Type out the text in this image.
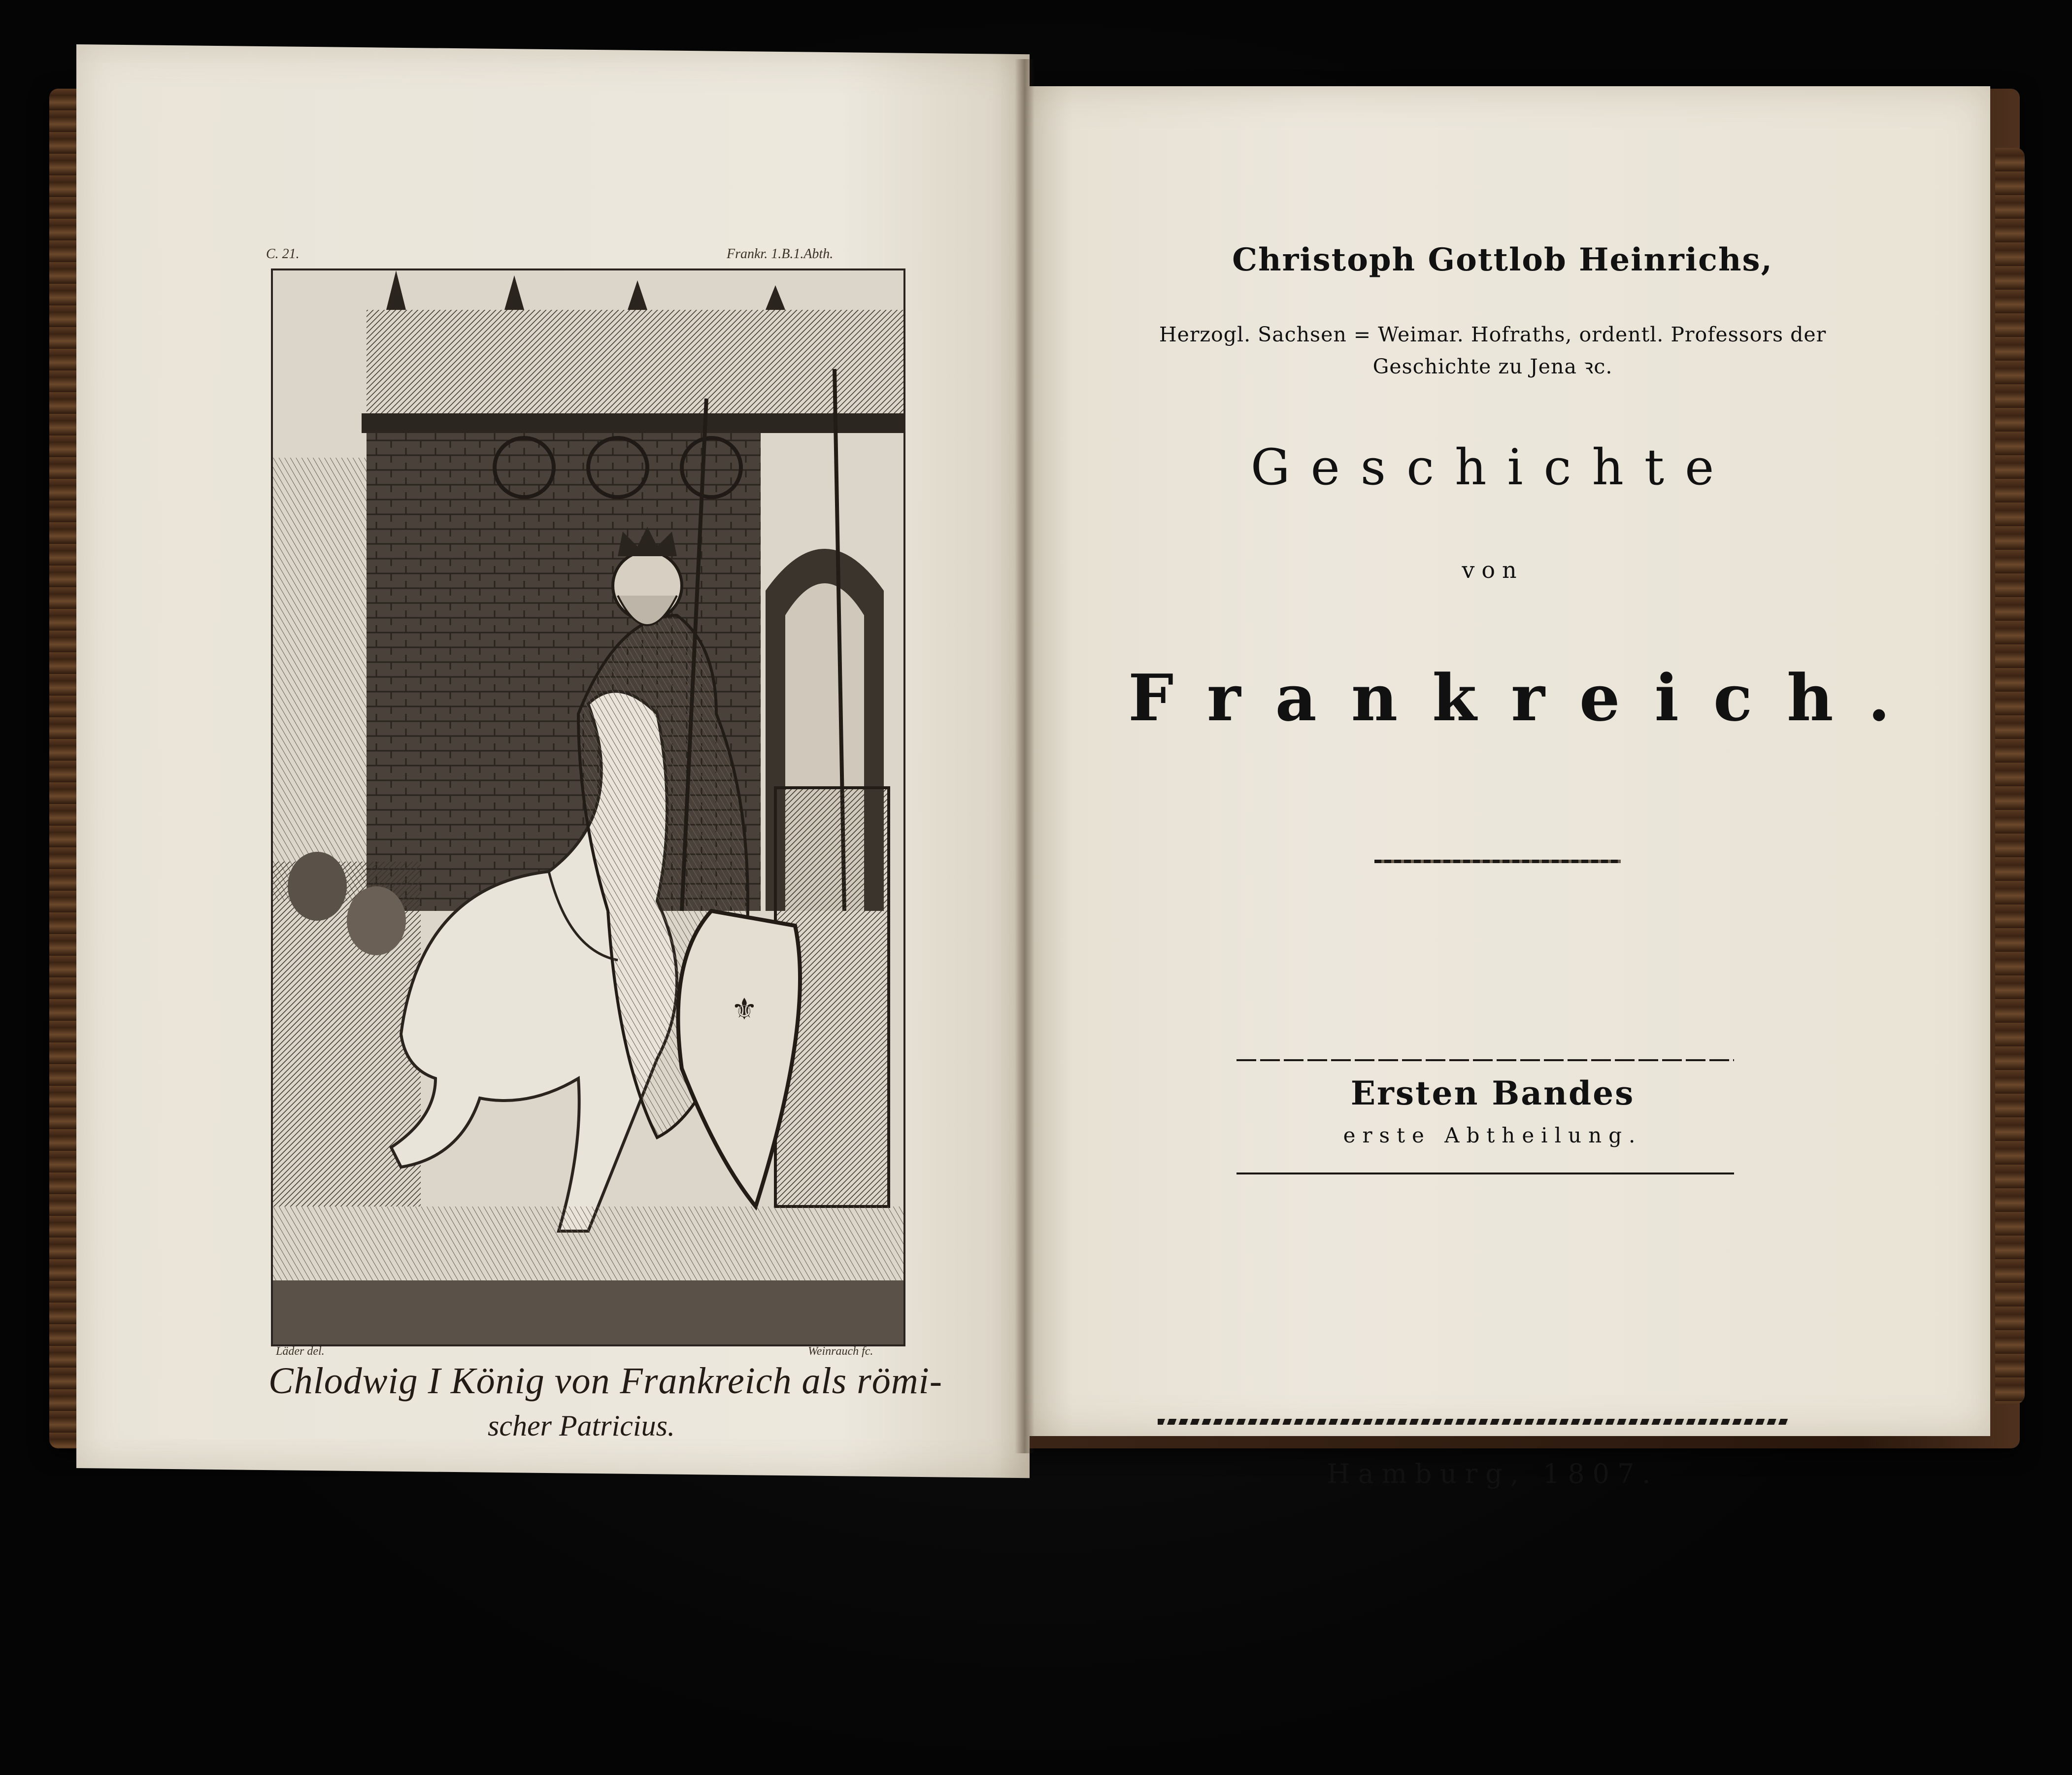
C. 21.	Frankr. 1.B.1.Abth.
⚜
Läder del.	Weinrauch fc.
Chlodwig I König von Frankreich als römi-
scher Patricius.
Christoph Gottlob Heinrichs,
Herzogl. Sachsen = Weimar. Hofraths, ordentl. Professors der
Geschichte zu Jena ꝛc.
Geschichte
von
Frankreich.
Ersten Bandes
erste Abtheilung.
Hamburg, 1807.
